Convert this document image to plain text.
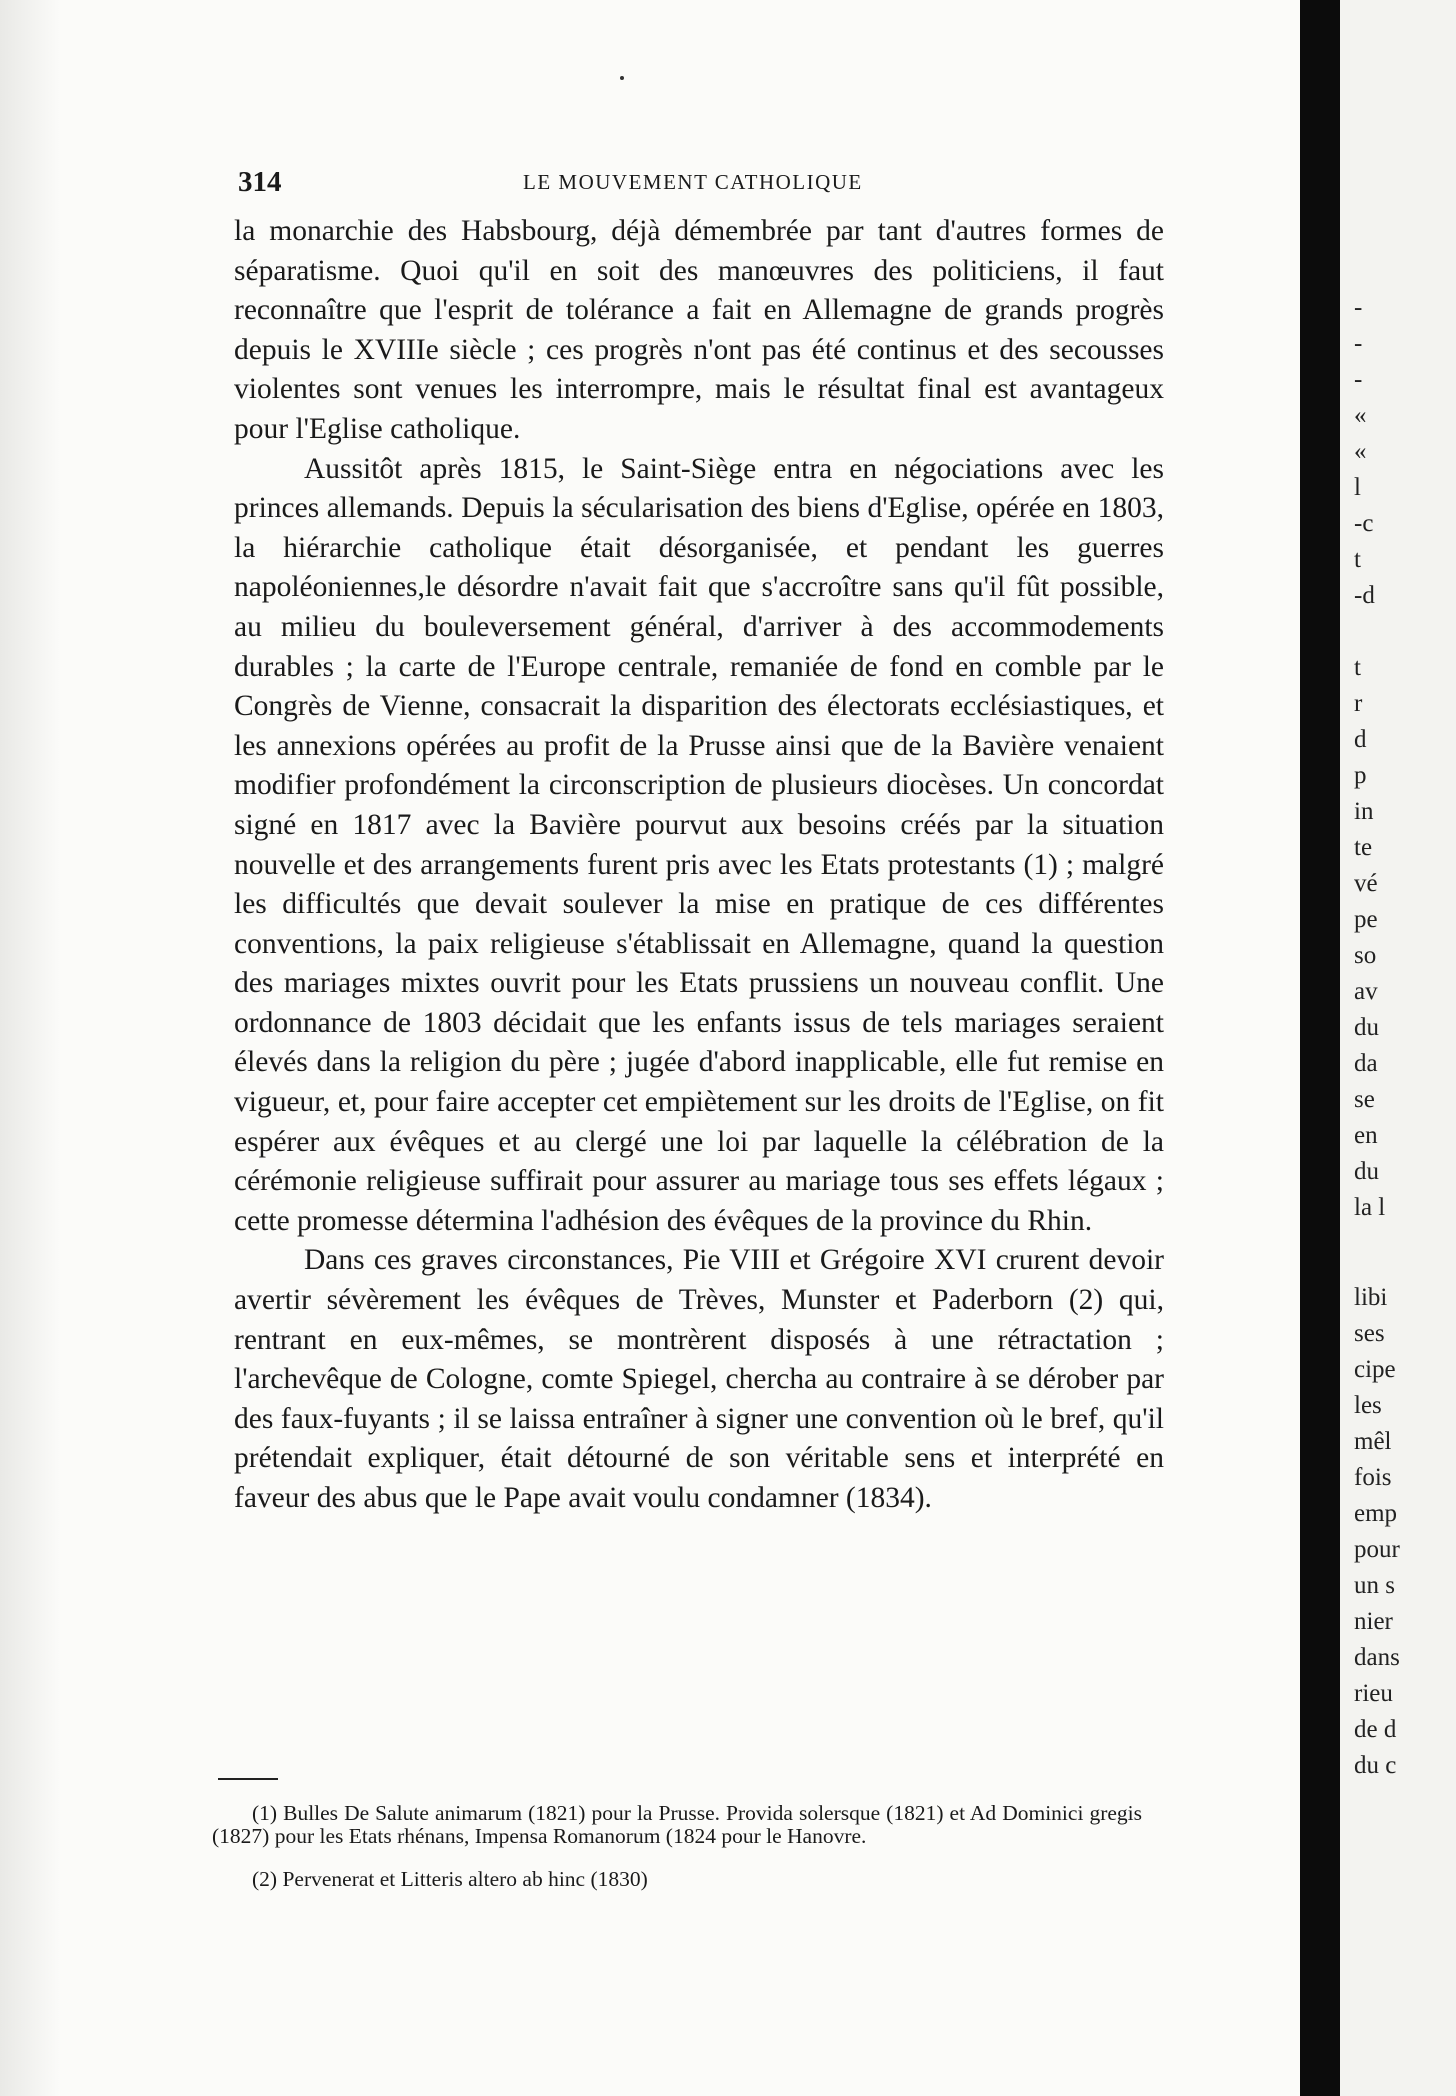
314	LE MOUVEMENT CATHOLIQUE

la monarchie des Habsbourg, déjà démembrée par tant d'autres formes de séparatisme. Quoi qu'il en soit des manœuvres des politiciens, il faut reconnaître que l'esprit de tolérance a fait en Allemagne de grands progrès depuis le XVIIIe siècle ; ces progrès n'ont pas été continus et des secousses violentes sont venues les interrompre, mais le résultat final est avantageux pour l'Eglise catholique.

Aussitôt après 1815, le Saint-Siège entra en négociations avec les princes allemands. Depuis la sécularisation des biens d'Eglise, opérée en 1803, la hiérarchie catholique était désorganisée, et pendant les guerres napoléoniennes,le désordre n'avait fait que s'accroître sans qu'il fût possible, au milieu du bouleversement général, d'arriver à des accommodements durables ; la carte de l'Europe centrale, remaniée de fond en comble par le Congrès de Vienne, consacrait la disparition des électorats ecclésiastiques, et les annexions opérées au profit de la Prusse ainsi que de la Bavière venaient modifier profondément la circonscription de plusieurs diocèses. Un concordat signé en 1817 avec la Bavière pourvut aux besoins créés par la situation nouvelle et des arrangements furent pris avec les Etats protestants (1) ; malgré les difficultés que devait soulever la mise en pratique de ces différentes conventions, la paix religieuse s'établissait en Allemagne, quand la question des mariages mixtes ouvrit pour les Etats prussiens un nouveau conflit. Une ordonnance de 1803 décidait que les enfants issus de tels mariages seraient élevés dans la religion du père ; jugée d'abord inapplicable, elle fut remise en vigueur, et, pour faire accepter cet empiètement sur les droits de l'Eglise, on fit espérer aux évêques et au clergé une loi par laquelle la célébration de la cérémonie religieuse suffirait pour assurer au mariage tous ses effets légaux ; cette promesse détermina l'adhésion des évêques de la province du Rhin.

Dans ces graves circonstances, Pie VIII et Grégoire XVI crurent devoir avertir sévèrement les évêques de Trèves, Munster et Paderborn (2) qui, rentrant en eux-mêmes, se montrèrent disposés à une rétractation ; l'archevêque de Cologne, comte Spiegel, chercha au contraire à se dérober par des faux-fuyants ; il se laissa entraîner à signer une convention où le bref, qu'il prétendait expliquer, était détourné de son véritable sens et interprété en faveur des abus que le Pape avait voulu condamner (1834).

(1) Bulles De Salute animarum (1821) pour la Prusse. Provida solersque (1821) et Ad Dominici gregis (1827) pour les Etats rhénans, Impensa Romanorum (1824 pour le Hanovre.

(2) Pervenerat et Litteris altero ab hinc (1830)

-
-
-
«
«
l
-c
t
-d

t
r
d
p
in
te
vé
pe
so
av
du
da
se
en
du
la l
libi
ses
cipe
les
mêl
fois
emp
pour
un s
nier
dans
rieu
de d
du c
